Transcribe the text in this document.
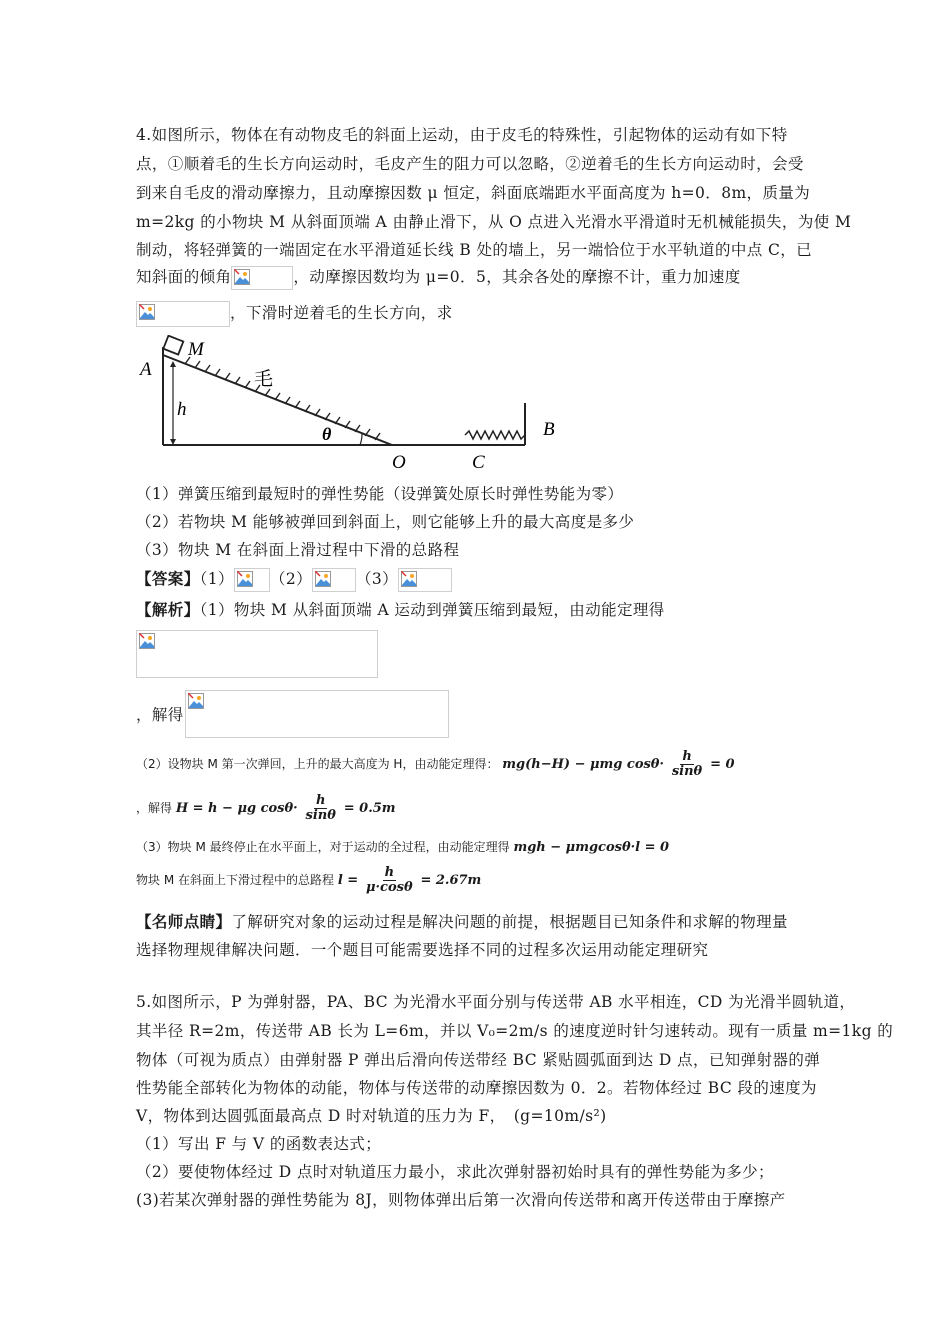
4.如图所示，物体在有动物皮毛的斜面上运动，由于皮毛的特殊性，引起物体的运动有如下特
点，①顺着毛的生长方向运动时，毛皮产生的阻力可以忽略，②逆着毛的生长方向运动时，会受
到来自毛皮的滑动摩擦力，且动摩擦因数 μ 恒定，斜面底端距水平面高度为 h=0．8m，质量为
m=2kg 的小物块 M 从斜面顶端 A 由静止滑下，从 O 点进入光滑水平滑道时无机械能损失，为使 M
制动，将轻弹簧的一端固定在水平滑道延长线 B 处的墙上，另一端恰位于水平轨道的中点 C，已
知斜面的倾角	，动摩擦因数均为 μ=0．5，其余各处的摩擦不计，重力加速度
，下滑时逆着毛的生长方向，求
A
M
毛
h
θ
O	C
B
（1）弹簧压缩到最短时的弹性势能（设弹簧处原长时弹性势能为零）
（2）若物块 M 能够被弹回到斜面上，则它能够上升的最大高度是多少
（3）物块 M 在斜面上滑过程中下滑的总路程
【答案】（1） （2）	（3）
【解析】（1）物块 M 从斜面顶端 A 运动到弹簧压缩到最短，由动能定理得
，解得
（2）设物块 M 第一次弹回，上升的最大高度为 H，由动能定理得： mg(h−H) − μmg $\cos\theta\cdot \frac{h}{\sin\theta} = 0$
，解得 H = h − μg $\cos\theta\cdot \frac{h}{\sin\theta} = 0.5m$
（3）物块 M 最终停止在水平面上，对于运动的全过程，由动能定理得 mgh − μmgcosθ·l = 0
物块 M 在斜面上下滑过程中的总路程 $l = \frac{h}{\mu\cdot\cos\theta} = 2.67m$
【名师点睛】了解研究对象的运动过程是解决问题的前提，根据题目已知条件和求解的物理量
选择物理规律解决问题．一个题目可能需要选择不同的过程多次运用动能定理研究
5.如图所示，P 为弹射器，PA、BC 为光滑水平面分别与传送带 AB 水平相连，CD 为光滑半圆轨道，
其半径 R=2m，传送带 AB 长为 L=6m，并以 V₀=2m/s 的速度逆时针匀速转动。现有一质量 m=1kg 的
物体（可视为质点）由弹射器 P 弹出后滑向传送带经 BC 紧贴圆弧面到达 D 点，已知弹射器的弹
性势能全部转化为物体的动能，物体与传送带的动摩擦因数为 0．2。若物体经过 BC 段的速度为
V，物体到达圆弧面最高点 D 时对轨道的压力为 F，　(g=10m/s²)
（1）写出 F 与 V 的函数表达式；
（2）要使物体经过 D 点时对轨道压力最小，求此次弹射器初始时具有的弹性势能为多少；
(3)若某次弹射器的弹性势能为 8J，则物体弹出后第一次滑向传送带和离开传送带由于摩擦产
